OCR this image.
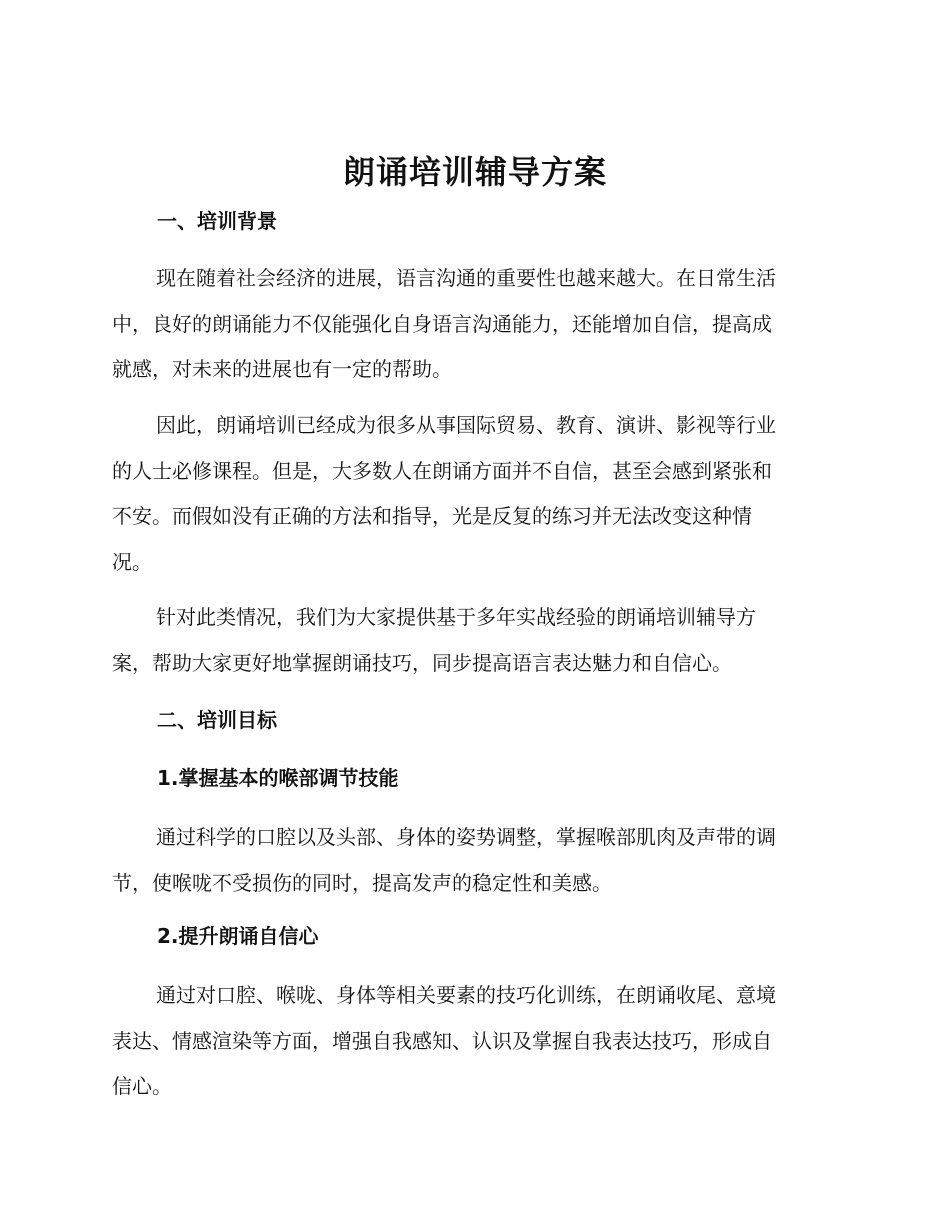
朗诵培训辅导方案
一、培训背景
现在随着社会经济的进展，语言沟通的重要性也越来越大。在日常生活
中，良好的朗诵能力不仅能强化自身语言沟通能力，还能增加自信，提高成
就感，对未来的进展也有一定的帮助。
因此，朗诵培训已经成为很多从事国际贸易、教育、演讲、影视等行业
的人士必修课程。但是，大多数人在朗诵方面并不自信，甚至会感到紧张和
不安。而假如没有正确的方法和指导，光是反复的练习并无法改变这种情
况。
针对此类情况，我们为大家提供基于多年实战经验的朗诵培训辅导方
案，帮助大家更好地掌握朗诵技巧，同步提高语言表达魅力和自信心。
二、培训目标
1.掌握基本的喉部调节技能
通过科学的口腔以及头部、身体的姿势调整，掌握喉部肌肉及声带的调
节，使喉咙不受损伤的同时，提高发声的稳定性和美感。
2.提升朗诵自信心
通过对口腔、喉咙、身体等相关要素的技巧化训练，在朗诵收尾、意境
表达、情感渲染等方面，增强自我感知、认识及掌握自我表达技巧，形成自
信心。
